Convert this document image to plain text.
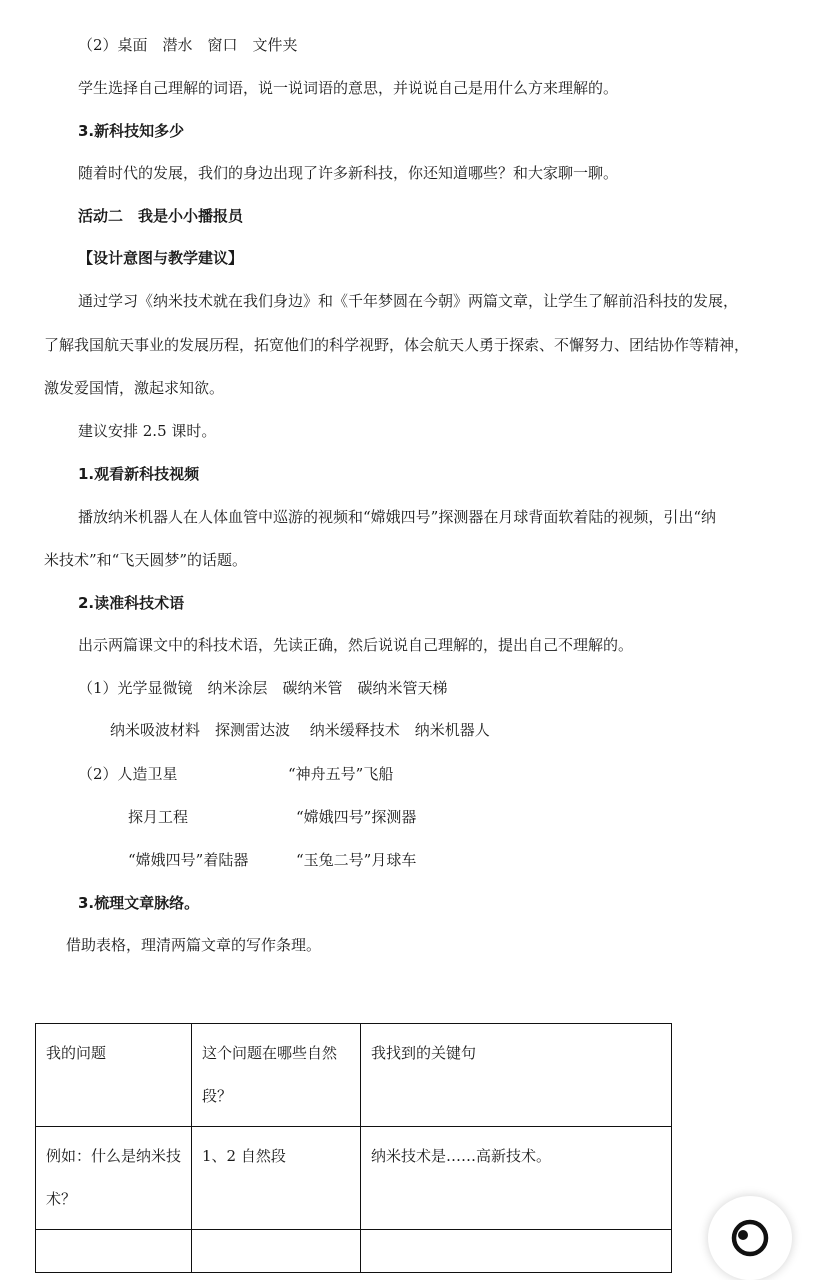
（2）桌面　潜水　窗口　文件夹
学生选择自己理解的词语，说一说词语的意思，并说说自己是用什么方来理解的。
3.新科技知多少
随着时代的发展，我们的身边出现了许多新科技，你还知道哪些？和大家聊一聊。
活动二　我是小小播报员
【设计意图与教学建议】
通过学习《纳米技术就在我们身边》和《千年梦圆在今朝》两篇文章，让学生了解前沿科技的发展，
了解我国航天事业的发展历程，拓宽他们的科学视野，体会航天人勇于探索、不懈努力、团结协作等精神，
激发爱国情，激起求知欲。
建议安排 2.5 课时。
1.观看新科技视频
播放纳米机器人在人体血管中巡游的视频和“嫦娥四号”探测器在月球背面软着陆的视频，引出“纳
米技术”和“飞天圆梦”的话题。
2.读准科技术语
出示两篇课文中的科技术语，先读正确，然后说说自己理解的，提出自己不理解的。
（1）光学显微镜　纳米涂层　碳纳米管　碳纳米管天梯
纳米吸波材料　探测雷达波　 纳米缓释技术　纳米机器人
（2）人造卫星	“神舟五号”飞船
探月工程	“嫦娥四号”探测器
“嫦娥四号”着陆器	“玉兔二号”月球车
3.梳理文章脉络。
借助表格，理清两篇文章的写作条理。
我的问题	这个问题在哪些自然段？	我找到的关键句
例如：什么是纳米技术？	1、2 自然段	纳米技术是……高新技术。
